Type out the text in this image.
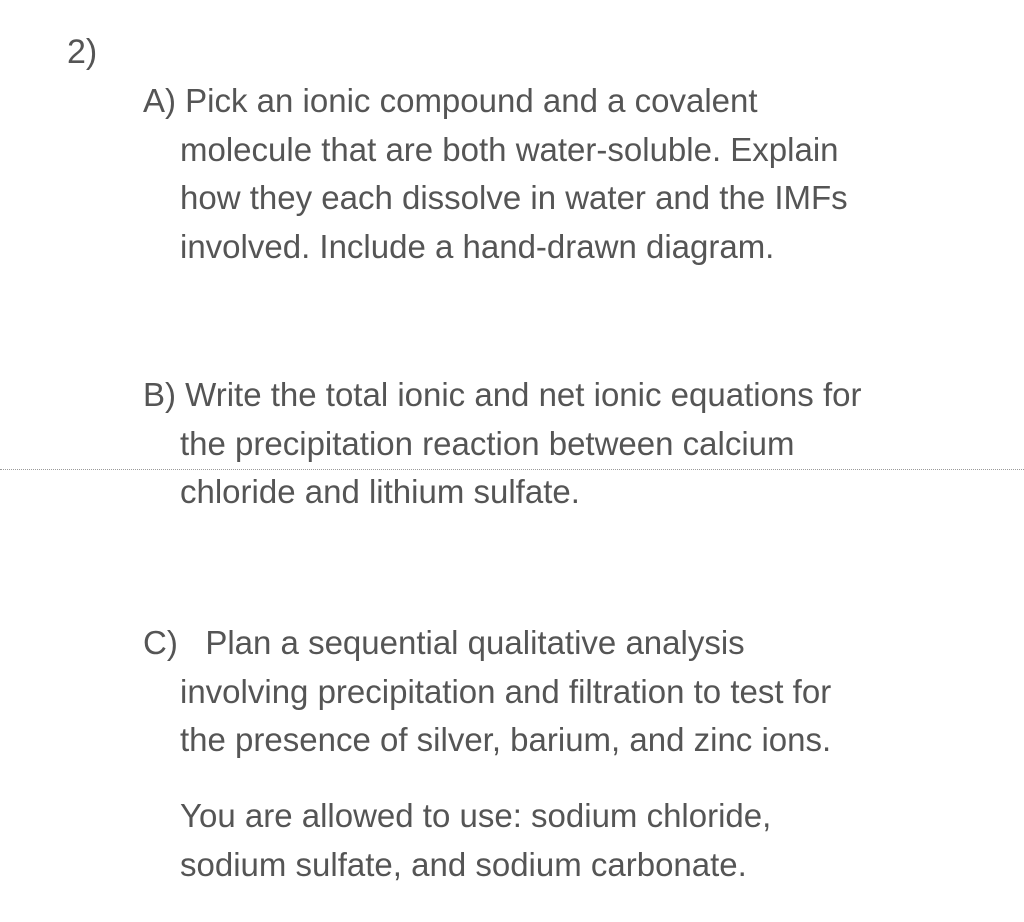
2)
A) Pick an ionic compound and a covalent
molecule that are both water-soluble. Explain
how they each dissolve in water and the IMFs
involved. Include a hand-drawn diagram.
B) Write the total ionic and net ionic equations for
the precipitation reaction between calcium
chloride and lithium sulfate.
C)   Plan a sequential qualitative analysis
involving precipitation and filtration to test for
the presence of silver, barium, and zinc ions.
You are allowed to use: sodium chloride,
sodium sulfate, and sodium carbonate.
